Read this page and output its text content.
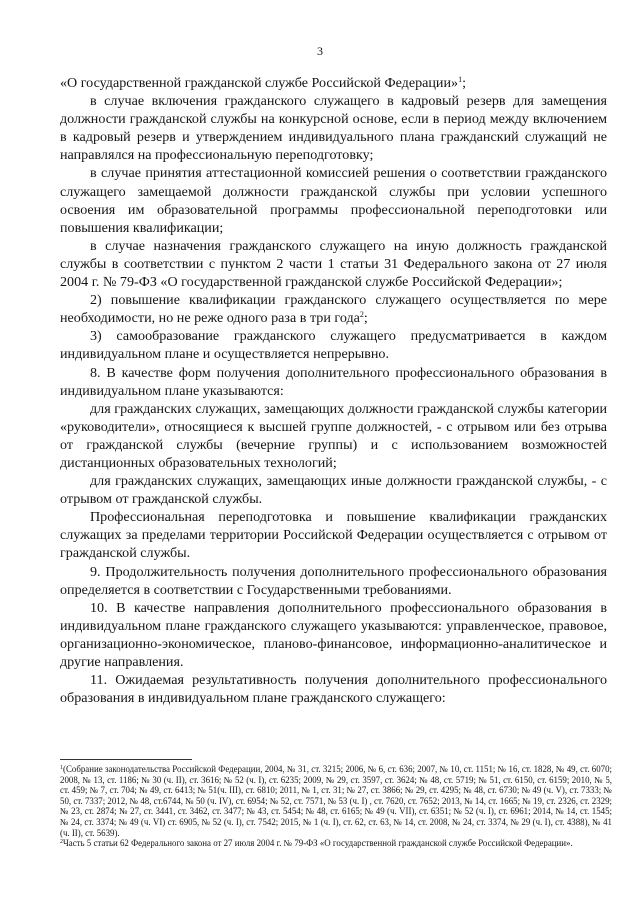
3

«О государственной гражданской службе Российской Федерации»$^1$;

в случае включения гражданского служащего в кадровый резерв для замещения должности гражданской службы на конкурсной основе, если в период между включением в кадровый резерв и утверждением индивидуального плана гражданский служащий не направлялся на профессиональную переподготовку;

в случае принятия аттестационной комиссией решения о соответствии гражданского служащего замещаемой должности гражданской службы при условии успешного освоения им образовательной программы профессиональной переподготовки или повышения квалификации;

в случае назначения гражданского служащего на иную должность гражданской службы в соответствии с пунктом 2 части 1 статьи 31 Федерального закона от 27 июля 2004 г. № 79-ФЗ «О государственной гражданской службе Российской Федерации»;

2) повышение квалификации гражданского служащего осуществляется по мере необходимости, но не реже одного раза в три года$^2$;

3) самообразование гражданского служащего предусматривается в каждом индивидуальном плане и осуществляется непрерывно.

8. В качестве форм получения дополнительного профессионального образования в индивидуальном плане указываются:

для гражданских служащих, замещающих должности гражданской службы категории «руководители», относящиеся к высшей группе должностей, - с отрывом или без отрыва от гражданской службы (вечерние группы) и с использованием возможностей дистанционных образовательных технологий;

для гражданских служащих, замещающих иные должности гражданской службы, - с отрывом от гражданской службы.

Профессиональная переподготовка и повышение квалификации гражданских служащих за пределами территории Российской Федерации осуществляется с отрывом от гражданской службы.

9. Продолжительность получения дополнительного профессионального образования определяется в соответствии с Государственными требованиями.

10. В качестве направления дополнительного профессионального образования в индивидуальном плане гражданского служащего указываются: управленческое, правовое, организационно-экономическое, планово-финансовое, информационно-аналитическое и другие направления.

11. Ожидаемая результативность получения дополнительного профессионального образования в индивидуальном плане гражданского служащего:

$^1$(Собрание законодательства Российской Федерации, 2004, № 31, ст. 3215; 2006, № 6, ст. 636; 2007, № 10, ст. 1151; № 16, ст. 1828, № 49, ст. 6070; 2008, № 13, ст. 1186; № 30 (ч. II), ст. 3616; № 52 (ч. I), ст. 6235; 2009, № 29, ст. 3597, ст. 3624; № 48, ст. 5719; № 51, ст. 6150, ст. 6159; 2010, № 5, ст. 459; № 7, ст. 704; № 49, ст. 6413; № 51(ч. III), ст. 6810; 2011, № 1, ст. 31; № 27, ст. 3866; № 29, ст. 4295; № 48, ст. 6730; № 49 (ч. V), ст. 7333; № 50, ст. 7337; 2012, № 48, ст.6744, № 50 (ч. IV), ст. 6954; № 52, ст. 7571, № 53 (ч. I) , ст. 7620, ст. 7652; 2013, № 14, ст. 1665; № 19, ст. 2326, ст. 2329; № 23, ст. 2874; № 27, ст. 3441, ст. 3462, ст. 3477; № 43, ст. 5454; № 48, ст. 6165; № 49 (ч. VII), ст. 6351; № 52 (ч. I), ст. 6961; 2014, № 14, ст. 1545; № 24, ст. 3374; № 49 (ч. VI) ст. 6905, № 52 (ч. I), ст. 7542; 2015, № 1 (ч. I), ст. 62, ст. 63, № 14, ст. 2008, № 24, ст. 3374, № 29 (ч. I), ст. 4388), № 41 (ч. II), ст. 5639).

$^2$Часть 5 статьи 62 Федерального закона от 27 июля 2004 г. № 79-ФЗ «О государственной гражданской службе Российской Федерации».
